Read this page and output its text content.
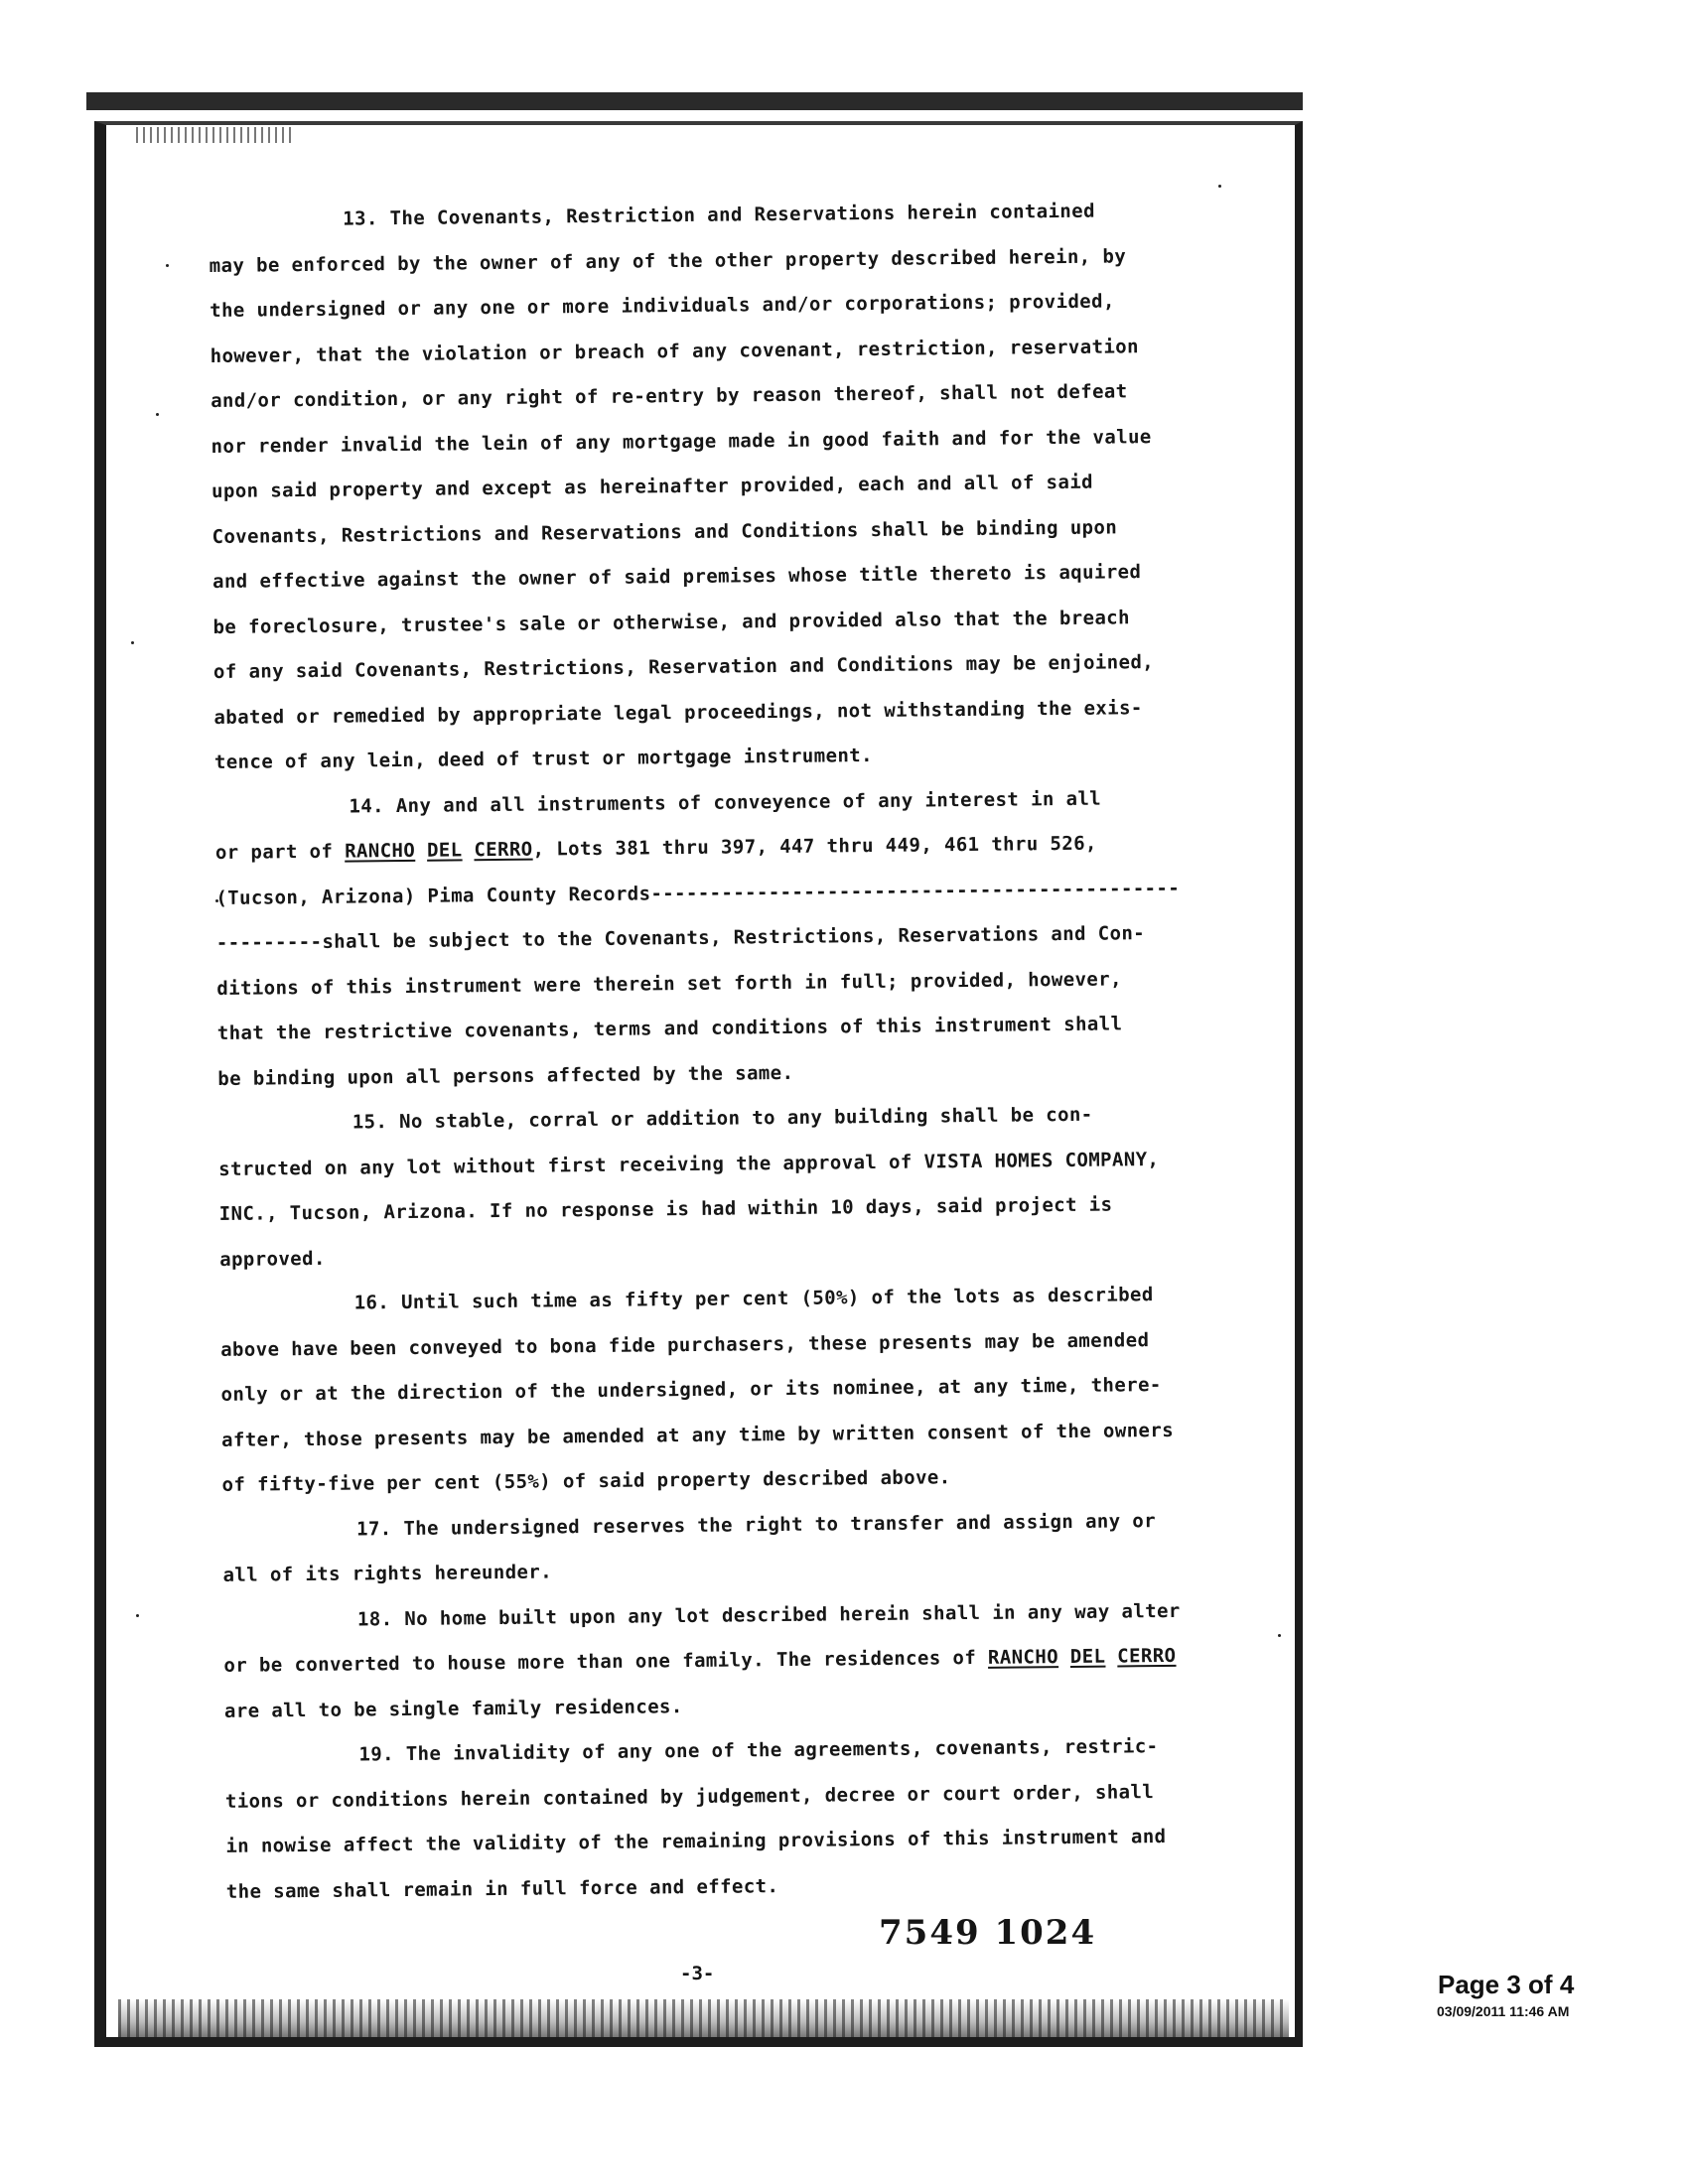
13. The Covenants, Restriction and Reservations herein contained
may be enforced by the owner of any of the other property described herein, by
the undersigned or any one or more individuals and/or corporations; provided,
however, that the violation or breach of any covenant, restriction, reservation
and/or condition, or any right of re-entry by reason thereof, shall not defeat
nor render invalid the lein of any mortgage made in good faith and for the value
upon said property and except as hereinafter provided, each and all of said
Covenants, Restrictions and Reservations and Conditions shall be binding upon
and effective against the owner of said premises whose title thereto is aquired
be foreclosure, trustee's sale or otherwise, and provided also that the breach
of any said Covenants, Restrictions, Reservation and Conditions may be enjoined,
abated or remedied by appropriate legal proceedings, not withstanding the exis-
tence of any lein, deed of trust or mortgage instrument.
14. Any and all instruments of conveyence of any interest in all
or part of RANCHO DEL CERRO, Lots 381 thru 397, 447 thru 449, 461 thru 526,
(Tucson, Arizona) Pima County Records---------------------------------------------
---------shall be subject to the Covenants, Restrictions, Reservations and Con-
ditions of this instrument were therein set forth in full; provided, however,
that the restrictive covenants, terms and conditions of this instrument shall
be binding upon all persons affected by the same.
15. No stable, corral or addition to any building shall be con-
structed on any lot without first receiving the approval of VISTA HOMES COMPANY,
INC., Tucson, Arizona. If no response is had within 10 days, said project is
approved.
16. Until such time as fifty per cent (50%) of the lots as described
above have been conveyed to bona fide purchasers, these presents may be amended
only or at the direction of the undersigned, or its nominee, at any time, there-
after, those presents may be amended at any time by written consent of the owners
of fifty-five per cent (55%) of said property described above.
17. The undersigned reserves the right to transfer and assign any or
all of its rights hereunder.
18. No home built upon any lot described herein shall in any way alter
or be converted to house more than one family. The residences of RANCHO DEL CERRO
are all to be single family residences.
19. The invalidity of any one of the agreements, covenants, restric-
tions or conditions herein contained by judgement, decree or court order, shall
in nowise affect the validity of the remaining provisions of this instrument and
the same shall remain in full force and effect.
7549 1024
-3-	Page 3 of 4
03/09/2011 11:46 AM
